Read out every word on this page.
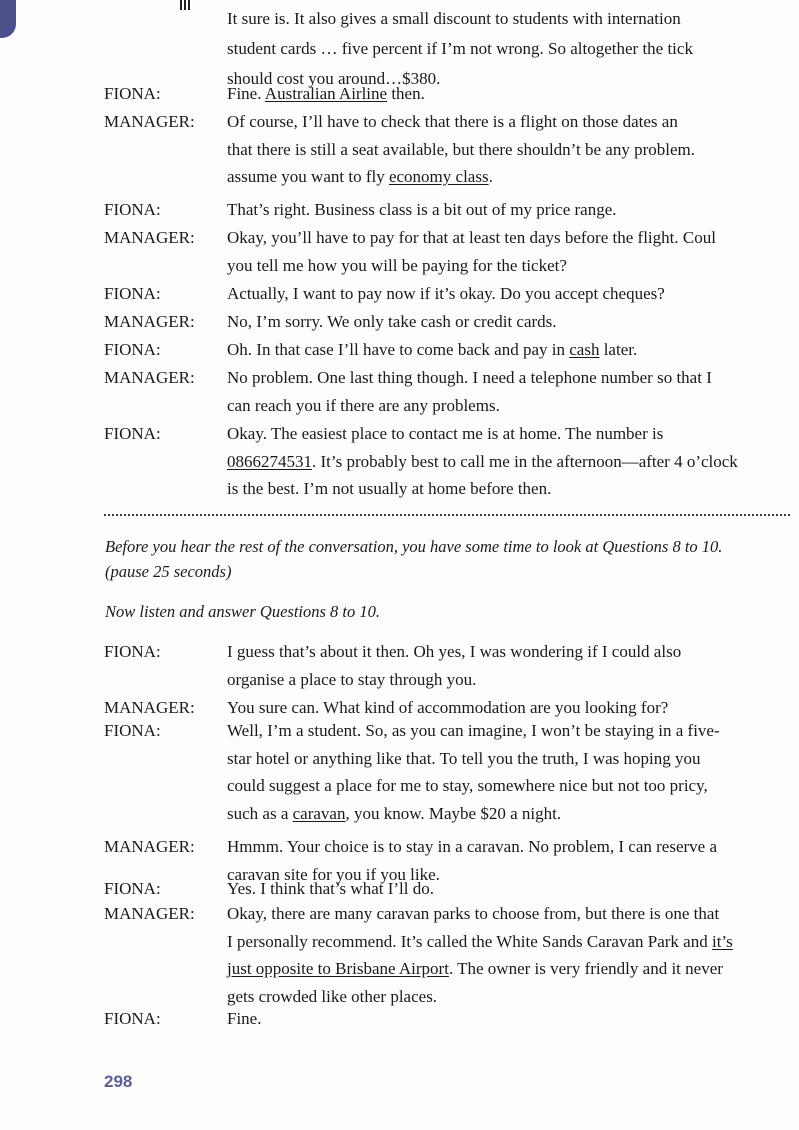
It sure is. It also gives a small discount to students with internation
student cards … five percent if I’m not wrong. So altogether the tick
should cost you around…$380.
FIONA:	Fine. Australian Airline then.
MANAGER: Of course, I’ll have to check that there is a flight on those dates an
that there is still a seat available, but there shouldn’t be any problem.
assume you want to fly economy class.
FIONA:	That’s right. Business class is a bit out of my price range.
MANAGER: Okay, you’ll have to pay for that at least ten days before the flight. Coul
you tell me how you will be paying for the ticket?
FIONA:	Actually, I want to pay now if it’s okay. Do you accept cheques?
MANAGER: No, I’m sorry. We only take cash or credit cards.
FIONA:	Oh. In that case I’ll have to come back and pay in cash later.
MANAGER: No problem. One last thing though. I need a telephone number so that I
can reach you if there are any problems.
FIONA:	Okay. The easiest place to contact me is at home. The number is
0866274531. It’s probably best to call me in the afternoon—after 4 o’clock
is the best. I’m not usually at home before then.
Before you hear the rest of the conversation, you have some time to look at Questions 8 to 10.
(pause 25 seconds)
Now listen and answer Questions 8 to 10.
FIONA:	I guess that’s about it then. Oh yes, I was wondering if I could also
organise a place to stay through you.
MANAGER: You sure can. What kind of accommodation are you looking for?
FIONA:	Well, I’m a student. So, as you can imagine, I won’t be staying in a five-
star hotel or anything like that. To tell you the truth, I was hoping you
could suggest a place for me to stay, somewhere nice but not too pricy,
such as a caravan, you know. Maybe $20 a night.
MANAGER: Hmmm. Your choice is to stay in a caravan. No problem, I can reserve a
caravan site for you if you like.
FIONA:	Yes. I think that’s what I’ll do.
MANAGER: Okay, there are many caravan parks to choose from, but there is one that
I personally recommend. It’s called the White Sands Caravan Park and it’s
just opposite to Brisbane Airport. The owner is very friendly and it never
gets crowded like other places.
FIONA:	Fine.
298
